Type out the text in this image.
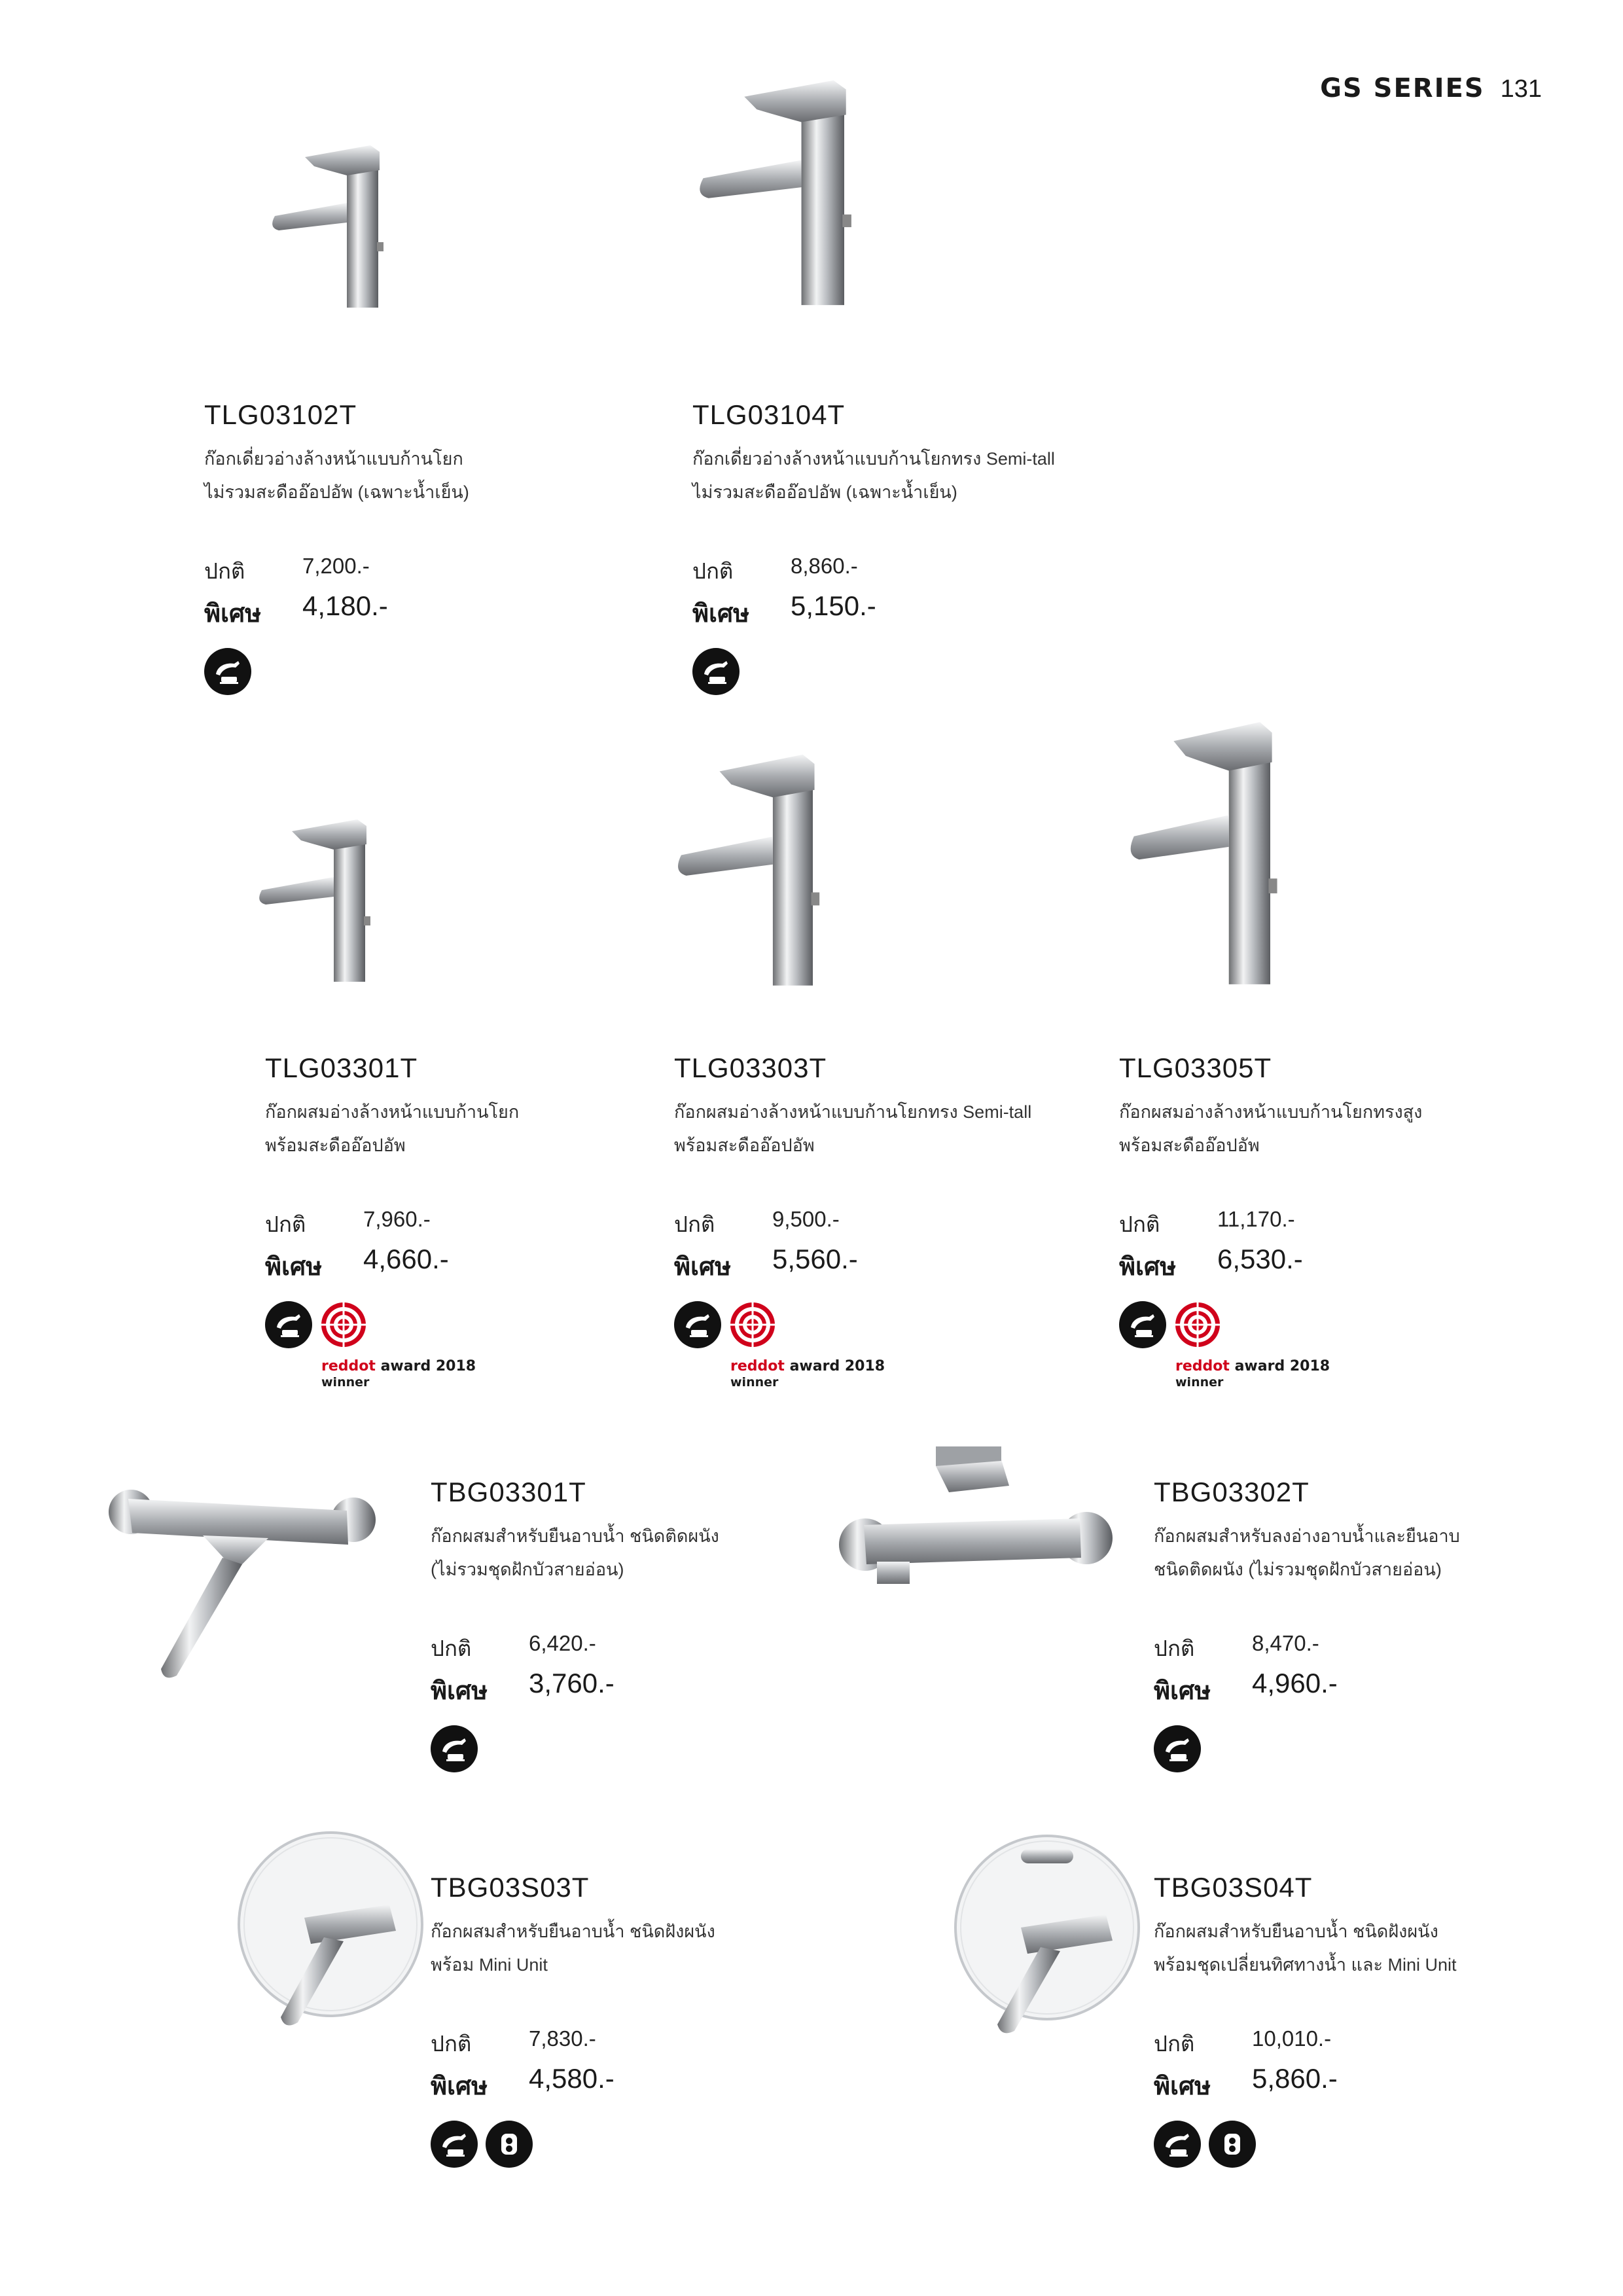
GS SERIES 131
TLG03102T
ก๊อกเดี่ยวอ่างล้างหน้าแบบก้านโยก
ไม่รวมสะดืออ๊อปอัพ (เฉพาะน้ำเย็น)
ปกติ	7,200.-
พิเศษ 4,180.-
TLG03104T
ก๊อกเดี่ยวอ่างล้างหน้าแบบก้านโยกทรง Semi-tall
ไม่รวมสะดืออ๊อปอัพ (เฉพาะน้ำเย็น)
ปกติ	8,860.-
พิเศษ 5,150.-
TLG03301T
ก๊อกผสมอ่างล้างหน้าแบบก้านโยก
พร้อมสะดืออ๊อปอัพ
ปกติ	7,960.-
พิเศษ 4,660.-
reddot award 2018
winner
TLG03303T
ก๊อกผสมอ่างล้างหน้าแบบก้านโยกทรง Semi-tall
พร้อมสะดืออ๊อปอัพ
ปกติ	9,500.-
พิเศษ 5,560.-
reddot award 2018
winner
TLG03305T
ก๊อกผสมอ่างล้างหน้าแบบก้านโยกทรงสูง
พร้อมสะดืออ๊อปอัพ
ปกติ	11,170.-
พิเศษ 6,530.-
reddot award 2018
winner
TBG03301T
ก๊อกผสมสำหรับยืนอาบน้ำ ชนิดติดผนัง
(ไม่รวมชุดฝักบัวสายอ่อน)
ปกติ	6,420.-
พิเศษ 3,760.-
TBG03302T
ก๊อกผสมสำหรับลงอ่างอาบน้ำและยืนอาบ
ชนิดติดผนัง (ไม่รวมชุดฝักบัวสายอ่อน)
ปกติ	8,470.-
พิเศษ 4,960.-
TBG03S03T
ก๊อกผสมสำหรับยืนอาบน้ำ ชนิดฝังผนัง
พร้อม Mini Unit
ปกติ	7,830.-
พิเศษ 4,580.-
TBG03S04T
ก๊อกผสมสำหรับยืนอาบน้ำ ชนิดฝังผนัง
พร้อมชุดเปลี่ยนทิศทางน้ำ และ Mini Unit
ปกติ	10,010.-
พิเศษ 5,860.-
